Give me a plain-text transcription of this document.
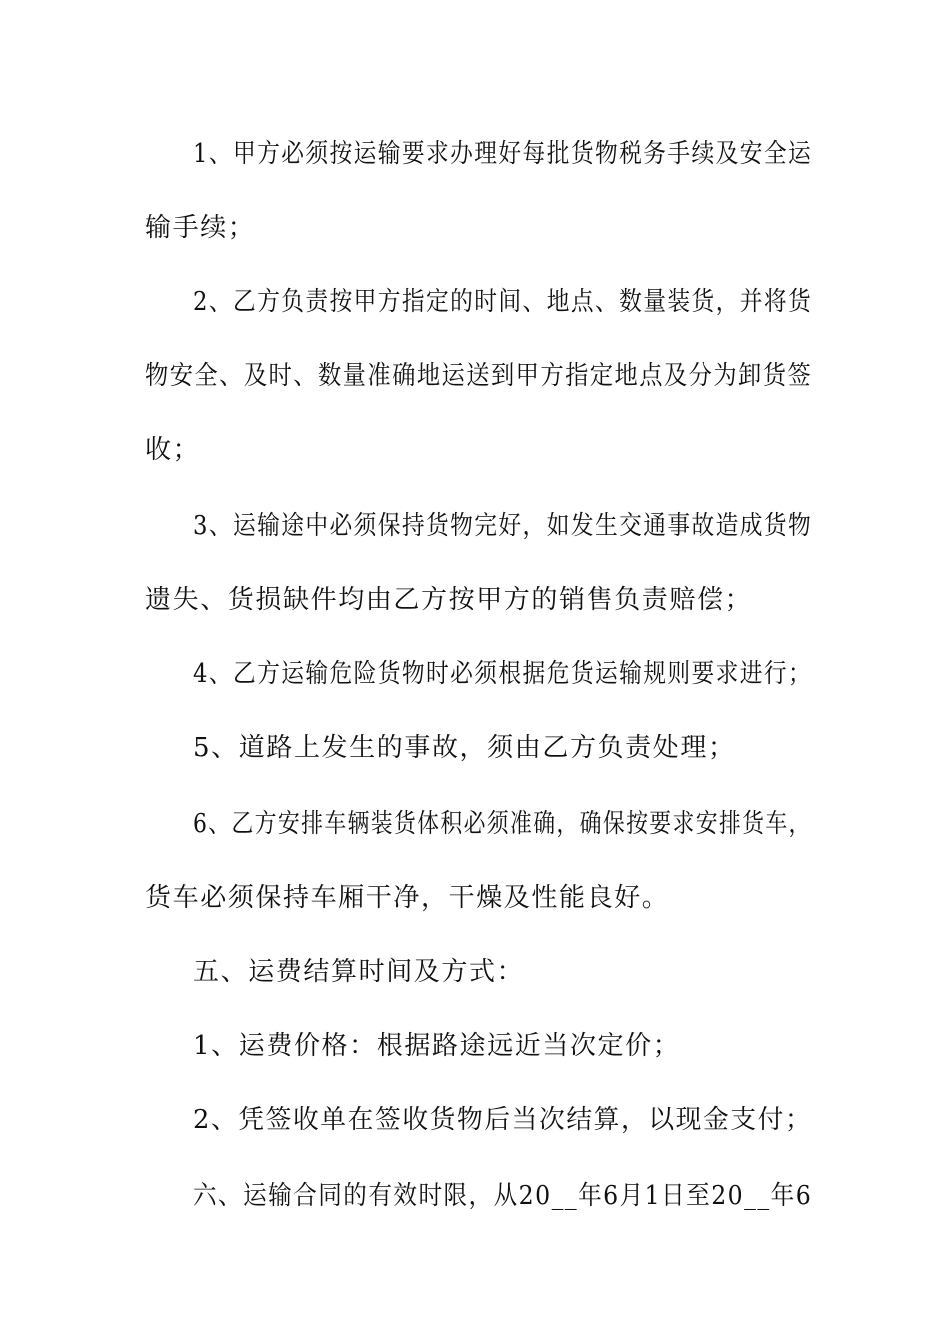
1、甲方必须按运输要求办理好每批货物税务手续及安全运
输手续；
2、乙方负责按甲方指定的时间、地点、数量装货，并将货
物安全、及时、数量准确地运送到甲方指定地点及分为卸货签
收；
3、运输途中必须保持货物完好，如发生交通事故造成货物
遗失、货损缺件均由乙方按甲方的销售负责赔偿；
4、乙方运输危险货物时必须根据危货运输规则要求进行；
5、道路上发生的事故，须由乙方负责处理；
6、乙方安排车辆装货体积必须准确，确保按要求安排货车，
货车必须保持车厢干净，干燥及性能良好。
五、运费结算时间及方式：
1、运费价格：根据路途远近当次定价；
2、凭签收单在签收货物后当次结算，以现金支付；
六、运输合同的有效时限，从20__年6月1日至20__年6
